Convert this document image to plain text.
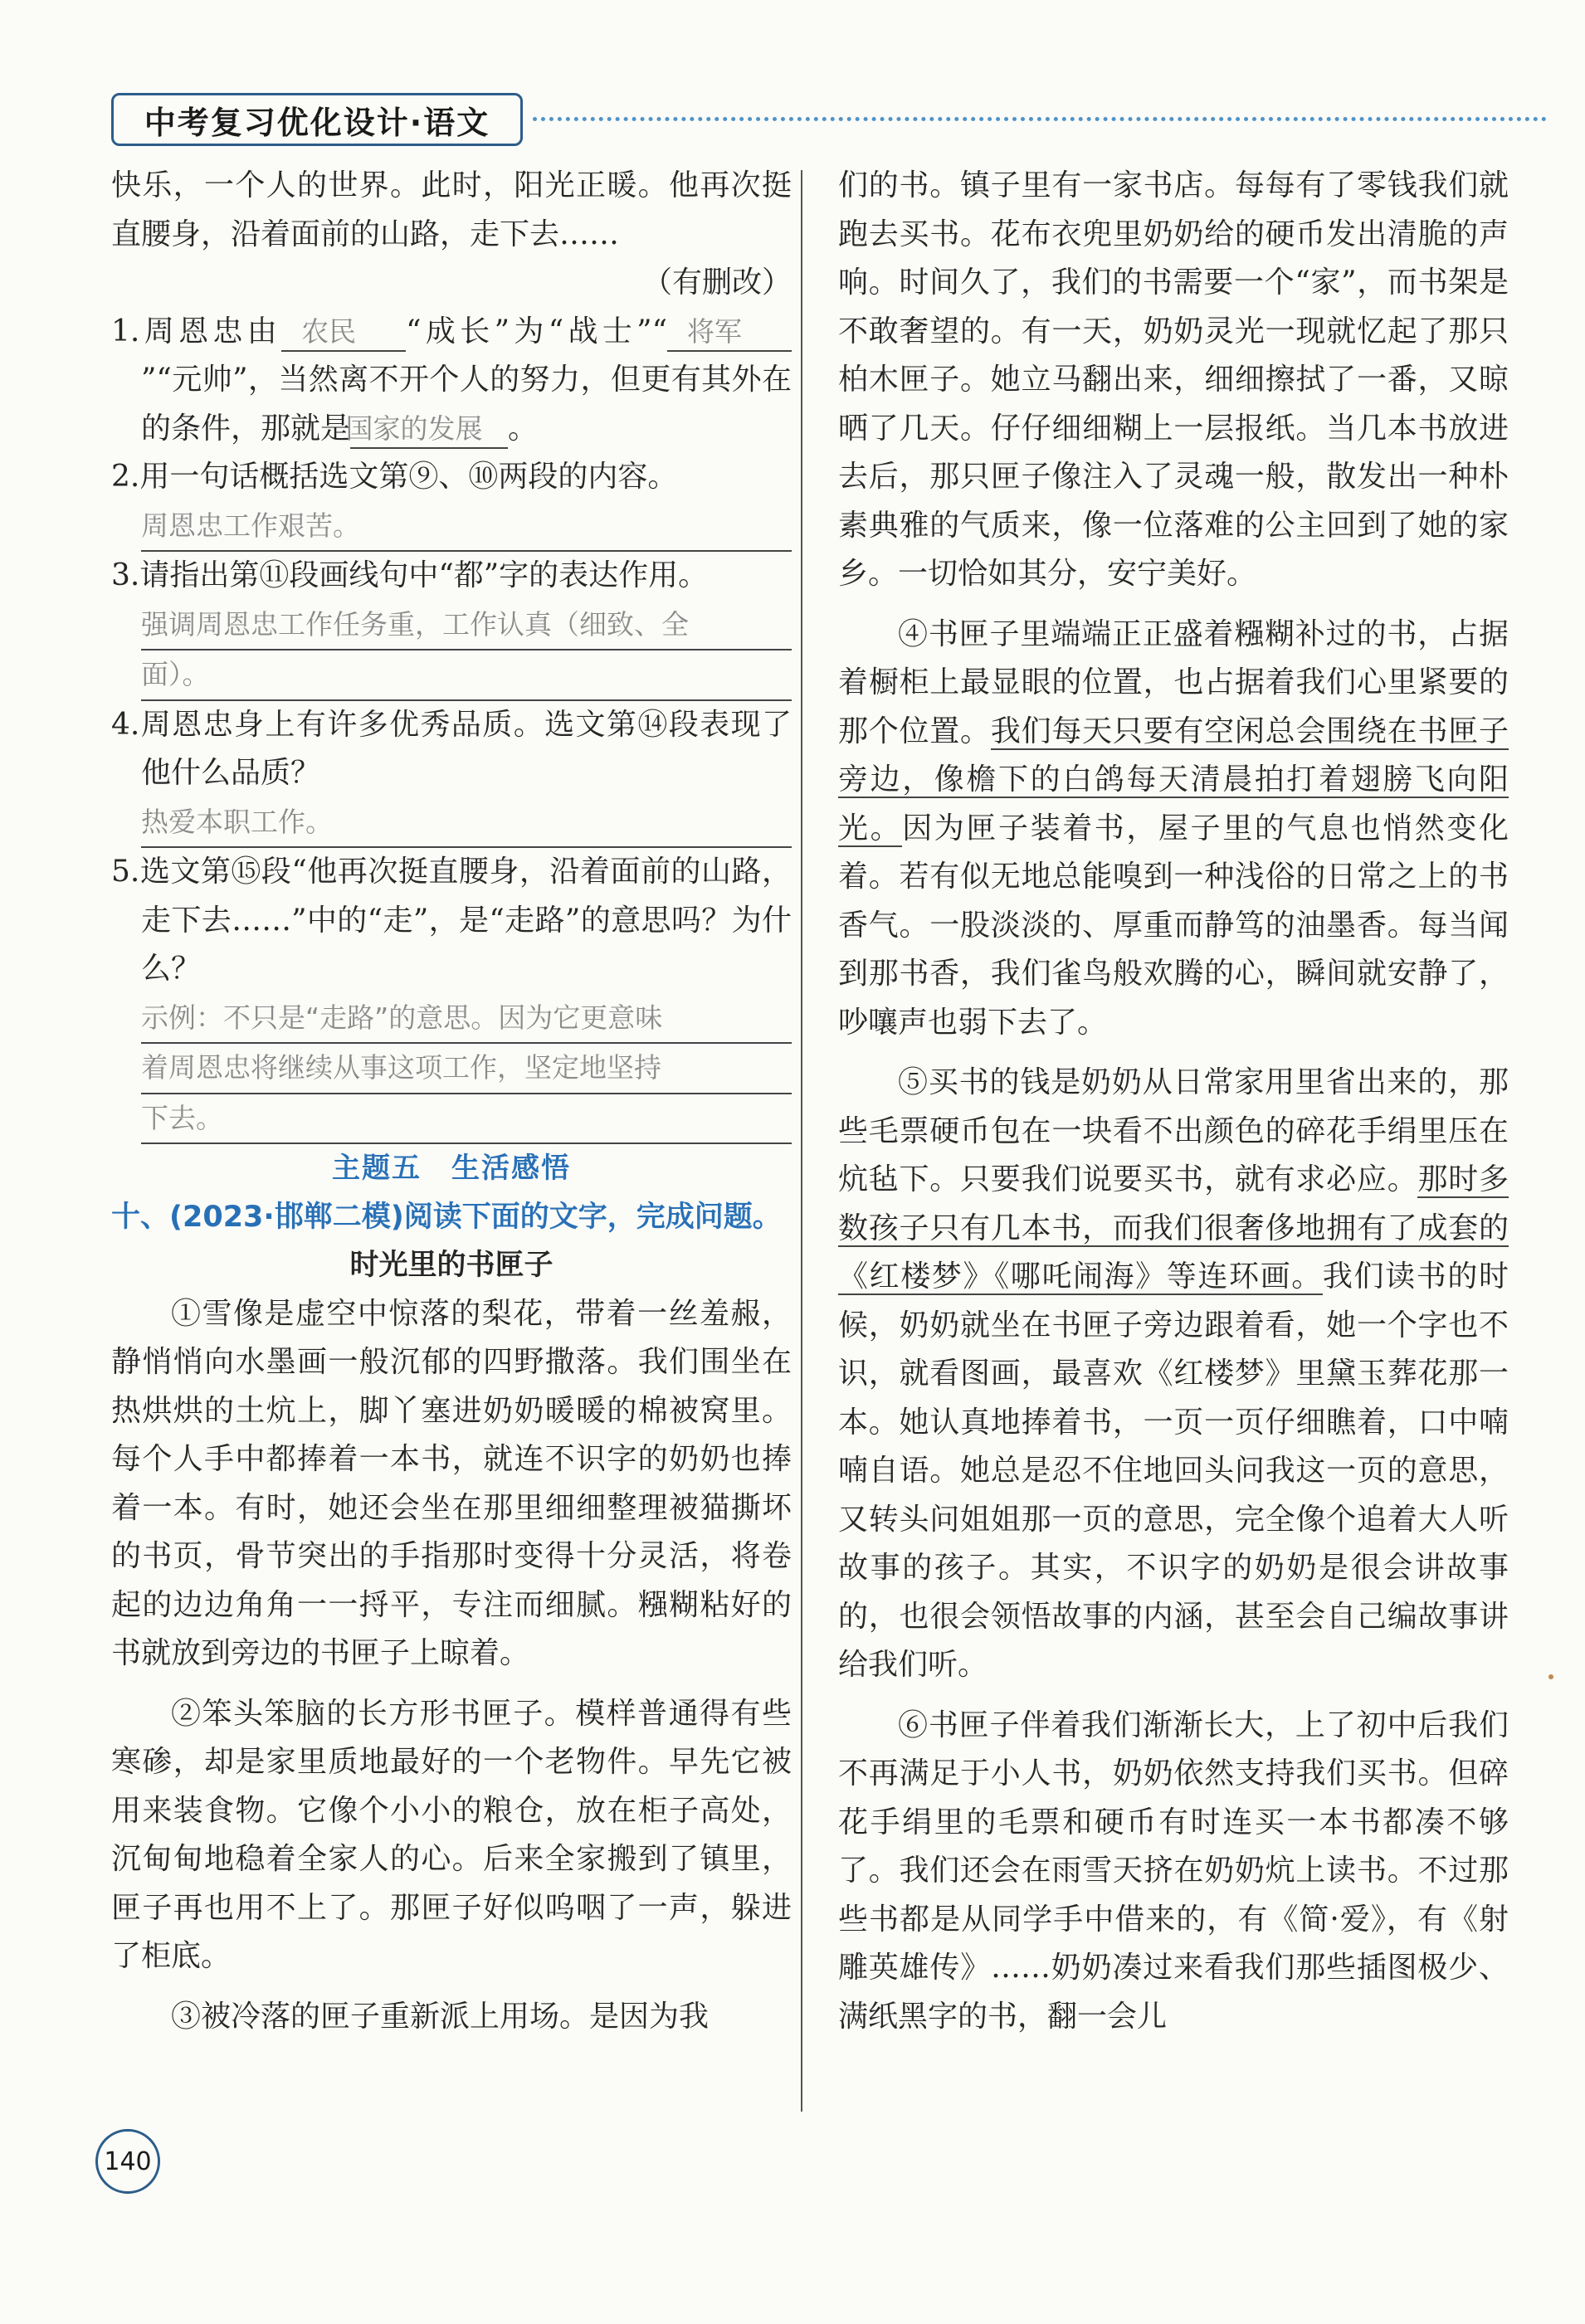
中考复习优化设计·语文

快乐，一个人的世界。此时，阳光正暖。他再次挺直腰身，沿着面前的山路，走下去……

（有删改）

1.周恩忠由 农民 “成长”为“战士”“ 将军”“元帅”，当然离不开个人的努力，但更有其外在的条件，那就是国家的发展 。

2.用一句话概括选文第⑨、⑩两段的内容。

周恩忠工作艰苦。

3.请指出第⑪段画线句中“都”字的表达作用。

强调周恩忠工作任务重，工作认真（细致、全
面）。

4.周恩忠身上有许多优秀品质。选文第⑭段表现了他什么品质？

热爱本职工作。

5.选文第⑮段“他再次挺直腰身，沿着面前的山路，走下去……”中的“走”，是“走路”的意思吗？为什么？

示例：不只是“走路”的意思。因为它更意味
着周恩忠将继续从事这项工作，坚定地坚持
下去。

主题五　生活感悟

十、(2023·邯郸二模)阅读下面的文字，完成问题。

时光里的书匣子

①雪像是虚空中惊落的梨花，带着一丝羞赧，静悄悄向水墨画一般沉郁的四野撒落。我们围坐在热烘烘的土炕上，脚丫塞进奶奶暖暖的棉被窝里。每个人手中都捧着一本书，就连不识字的奶奶也捧着一本。有时，她还会坐在那里细细整理被猫撕坏的书页，骨节突出的手指那时变得十分灵活，将卷起的边边角角一一捋平，专注而细腻。糨糊粘好的书就放到旁边的书匣子上晾着。

②笨头笨脑的长方形书匣子。模样普通得有些寒碜，却是家里质地最好的一个老物件。早先它被用来装食物。它像个小小的粮仓，放在柜子高处，沉甸甸地稳着全家人的心。后来全家搬到了镇里，匣子再也用不上了。那匣子好似呜咽了一声，躲进了柜底。

③被冷落的匣子重新派上用场。是因为我

们的书。镇子里有一家书店。每每有了零钱我们就跑去买书。花布衣兜里奶奶给的硬币发出清脆的声响。时间久了，我们的书需要一个“家”，而书架是不敢奢望的。有一天，奶奶灵光一现就忆起了那只柏木匣子。她立马翻出来，细细擦拭了一番，又晾晒了几天。仔仔细细糊上一层报纸。当几本书放进去后，那只匣子像注入了灵魂一般，散发出一种朴素典雅的气质来，像一位落难的公主回到了她的家乡。一切恰如其分，安宁美好。

④书匣子里端端正正盛着糨糊补过的书，占据着橱柜上最显眼的位置，也占据着我们心里紧要的那个位置。我们每天只要有空闲总会围绕在书匣子旁边，像檐下的白鸽每天清晨拍打着翅膀飞向阳光。因为匣子装着书，屋子里的气息也悄然变化着。若有似无地总能嗅到一种浅俗的日常之上的书香气。一股淡淡的、厚重而静笃的油墨香。每当闻到那书香，我们雀鸟般欢腾的心，瞬间就安静了，吵嚷声也弱下去了。

⑤买书的钱是奶奶从日常家用里省出来的，那些毛票硬币包在一块看不出颜色的碎花手绢里压在炕毡下。只要我们说要买书，就有求必应。那时多数孩子只有几本书，而我们很奢侈地拥有了成套的《红楼梦》《哪吒闹海》等连环画。我们读书的时候，奶奶就坐在书匣子旁边跟着看，她一个字也不识，就看图画，最喜欢《红楼梦》里黛玉葬花那一本。她认真地捧着书，一页一页仔细瞧着，口中喃喃自语。她总是忍不住地回头问我这一页的意思，又转头问姐姐那一页的意思，完全像个追着大人听故事的孩子。其实，不识字的奶奶是很会讲故事的，也很会领悟故事的内涵，甚至会自己编故事讲给我们听。

⑥书匣子伴着我们渐渐长大，上了初中后我们不再满足于小人书，奶奶依然支持我们买书。但碎花手绢里的毛票和硬币有时连买一本书都凑不够了。我们还会在雨雪天挤在奶奶炕上读书。不过那些书都是从同学手中借来的，有《简·爱》，有《射雕英雄传》……奶奶凑过来看我们那些插图极少、满纸黑字的书，翻一会儿

140
